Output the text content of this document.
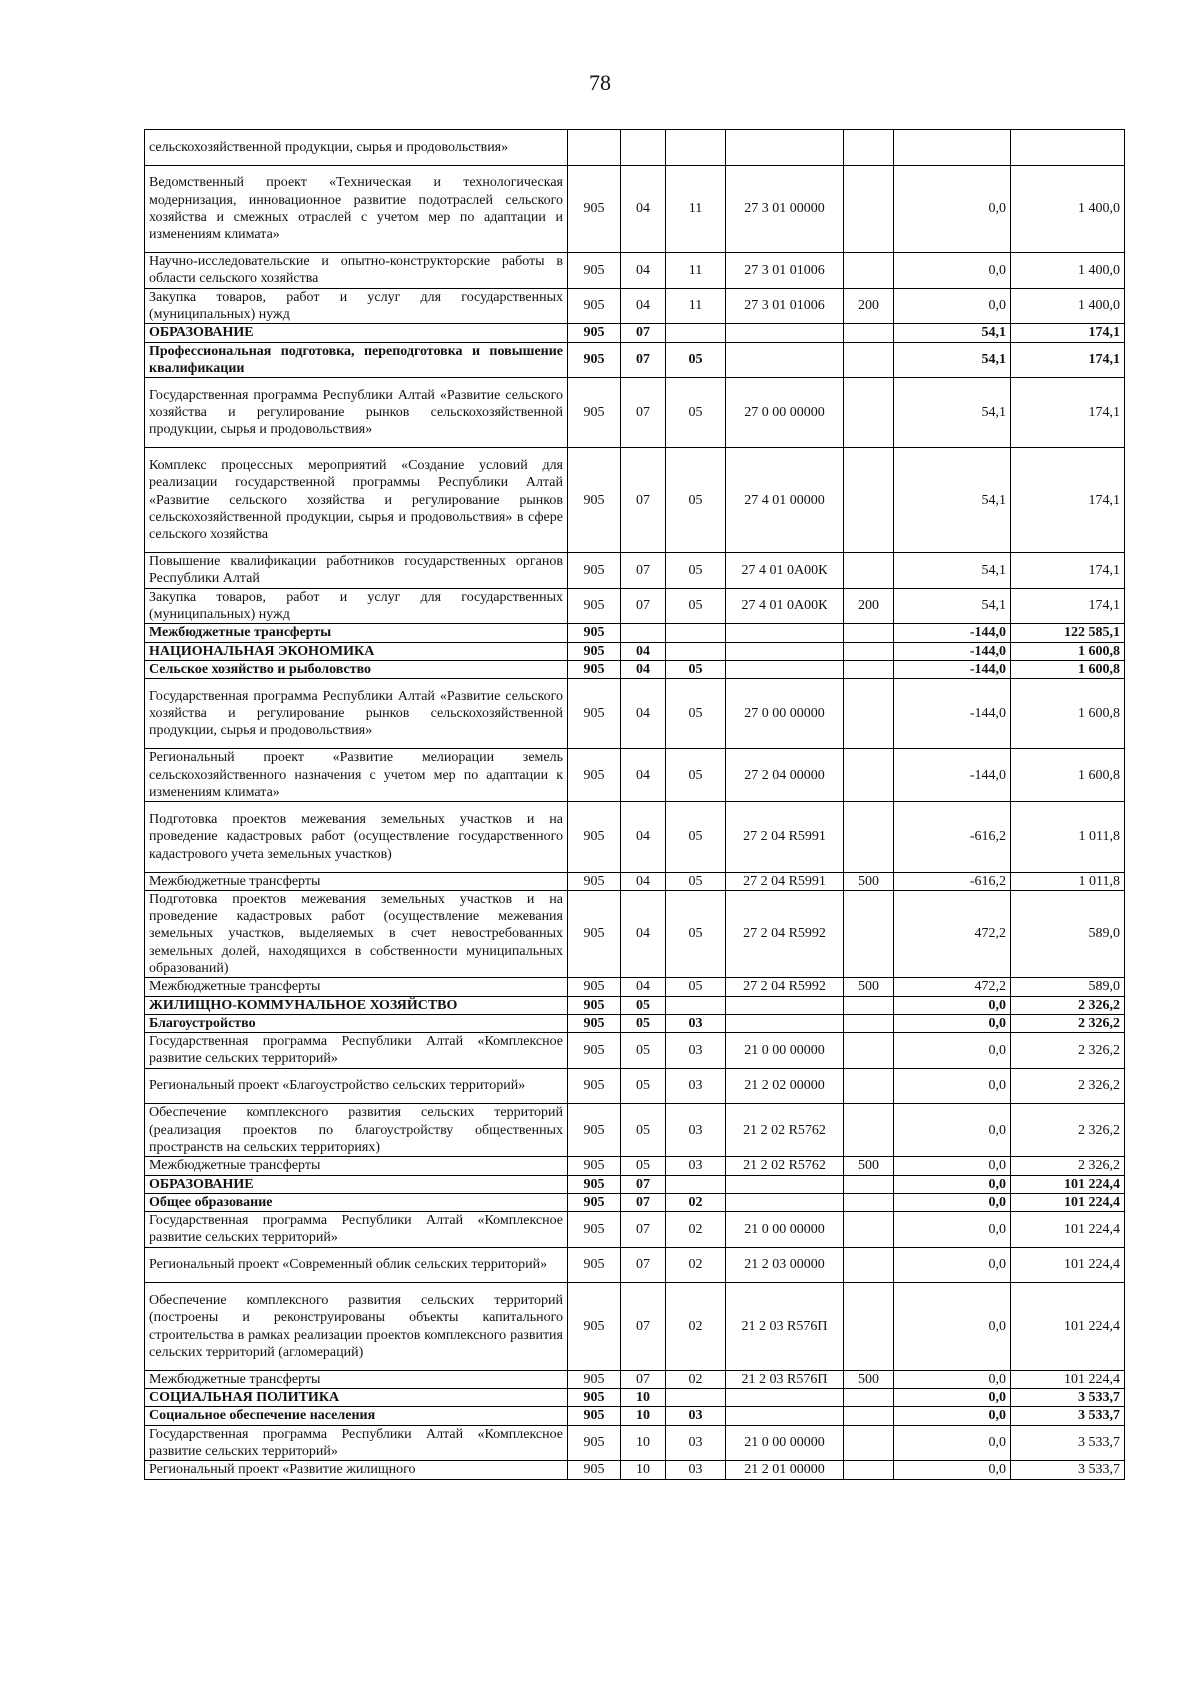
78
сельскохозяйственной продукции, сырья и продовольствия»							
Ведомственный проект «Техническая и технологическая модернизация, инновационное развитие подотраслей сельского хозяйства и смежных отраслей с учетом мер по адаптации и изменениям климата»	905	04	11	27 3 01 00000		0,0	1 400,0
Научно-исследовательские и опытно-конструкторские работы в области сельского хозяйства	905	04	11	27 3 01 01006		0,0	1 400,0
Закупка товаров, работ и услуг для государственных (муниципальных) нужд	905	04	11	27 3 01 01006	200	0,0	1 400,0
ОБРАЗОВАНИЕ	905	07				54,1	174,1
Профессиональная подготовка, переподготовка и повышение квалификации	905	07	05			54,1	174,1
Государственная программа Республики Алтай «Развитие сельского хозяйства и регулирование рынков сельскохозяйственной продукции, сырья и продовольствия»	905	07	05	27 0 00 00000		54,1	174,1
Комплекс процессных мероприятий «Создание условий для реализации государственной программы Республики Алтай «Развитие сельского хозяйства и регулирование рынков сельскохозяйственной продукции, сырья и продовольствия» в сфере сельского хозяйства	905	07	05	27 4 01 00000		54,1	174,1
Повышение квалификации работников государственных органов Республики Алтай	905	07	05	27 4 01 0А00К		54,1	174,1
Закупка товаров, работ и услуг для государственных (муниципальных) нужд	905	07	05	27 4 01 0А00К	200	54,1	174,1
Межбюджетные трансферты	905					-144,0	122 585,1
НАЦИОНАЛЬНАЯ ЭКОНОМИКА	905	04				-144,0	1 600,8
Сельское хозяйство и рыболовство	905	04	05			-144,0	1 600,8
Государственная программа Республики Алтай «Развитие сельского хозяйства и регулирование рынков сельскохозяйственной продукции, сырья и продовольствия»	905	04	05	27 0 00 00000		-144,0	1 600,8
Региональный проект «Развитие мелиорации земель сельскохозяйственного назначения с учетом мер по адаптации к изменениям климата»	905	04	05	27 2 04 00000		-144,0	1 600,8
Подготовка проектов межевания земельных участков и на проведение кадастровых работ (осуществление государственного кадастрового учета земельных участков)	905	04	05	27 2 04 R5991		-616,2	1 011,8
Межбюджетные трансферты	905	04	05	27 2 04 R5991	500	-616,2	1 011,8
Подготовка проектов межевания земельных участков и на проведение кадастровых работ (осуществление межевания земельных участков, выделяемых в счет невостребованных земельных долей, находящихся в собственности муниципальных образований)	905	04	05	27 2 04 R5992		472,2	589,0
Межбюджетные трансферты	905	04	05	27 2 04 R5992	500	472,2	589,0
ЖИЛИЩНО-КОММУНАЛЬНОЕ ХОЗЯЙСТВО	905	05				0,0	2 326,2
Благоустройство	905	05	03			0,0	2 326,2
Государственная программа Республики Алтай «Комплексное развитие сельских территорий»	905	05	03	21 0 00 00000		0,0	2 326,2
Региональный проект «Благоустройство сельских территорий»	905	05	03	21 2 02 00000		0,0	2 326,2
Обеспечение комплексного развития сельских территорий (реализация проектов по благоустройству общественных пространств на сельских территориях)	905	05	03	21 2 02 R5762		0,0	2 326,2
Межбюджетные трансферты	905	05	03	21 2 02 R5762	500	0,0	2 326,2
ОБРАЗОВАНИЕ	905	07				0,0	101 224,4
Общее образование	905	07	02			0,0	101 224,4
Государственная программа Республики Алтай «Комплексное развитие сельских территорий»	905	07	02	21 0 00 00000		0,0	101 224,4
Региональный проект «Современный облик сельских территорий»	905	07	02	21 2 03 00000		0,0	101 224,4
Обеспечение комплексного развития сельских территорий (построены и реконструированы объекты капитального строительства в рамках реализации проектов комплексного развития сельских территорий (агломераций)	905	07	02	21 2 03 R576П		0,0	101 224,4
Межбюджетные трансферты	905	07	02	21 2 03 R576П	500	0,0	101 224,4
СОЦИАЛЬНАЯ ПОЛИТИКА	905	10				0,0	3 533,7
Социальное обеспечение населения	905	10	03			0,0	3 533,7
Государственная программа Республики Алтай «Комплексное развитие сельских территорий»	905	10	03	21 0 00 00000		0,0	3 533,7
Региональный проект «Развитие жилищного	905	10	03	21 2 01 00000		0,0	3 533,7
